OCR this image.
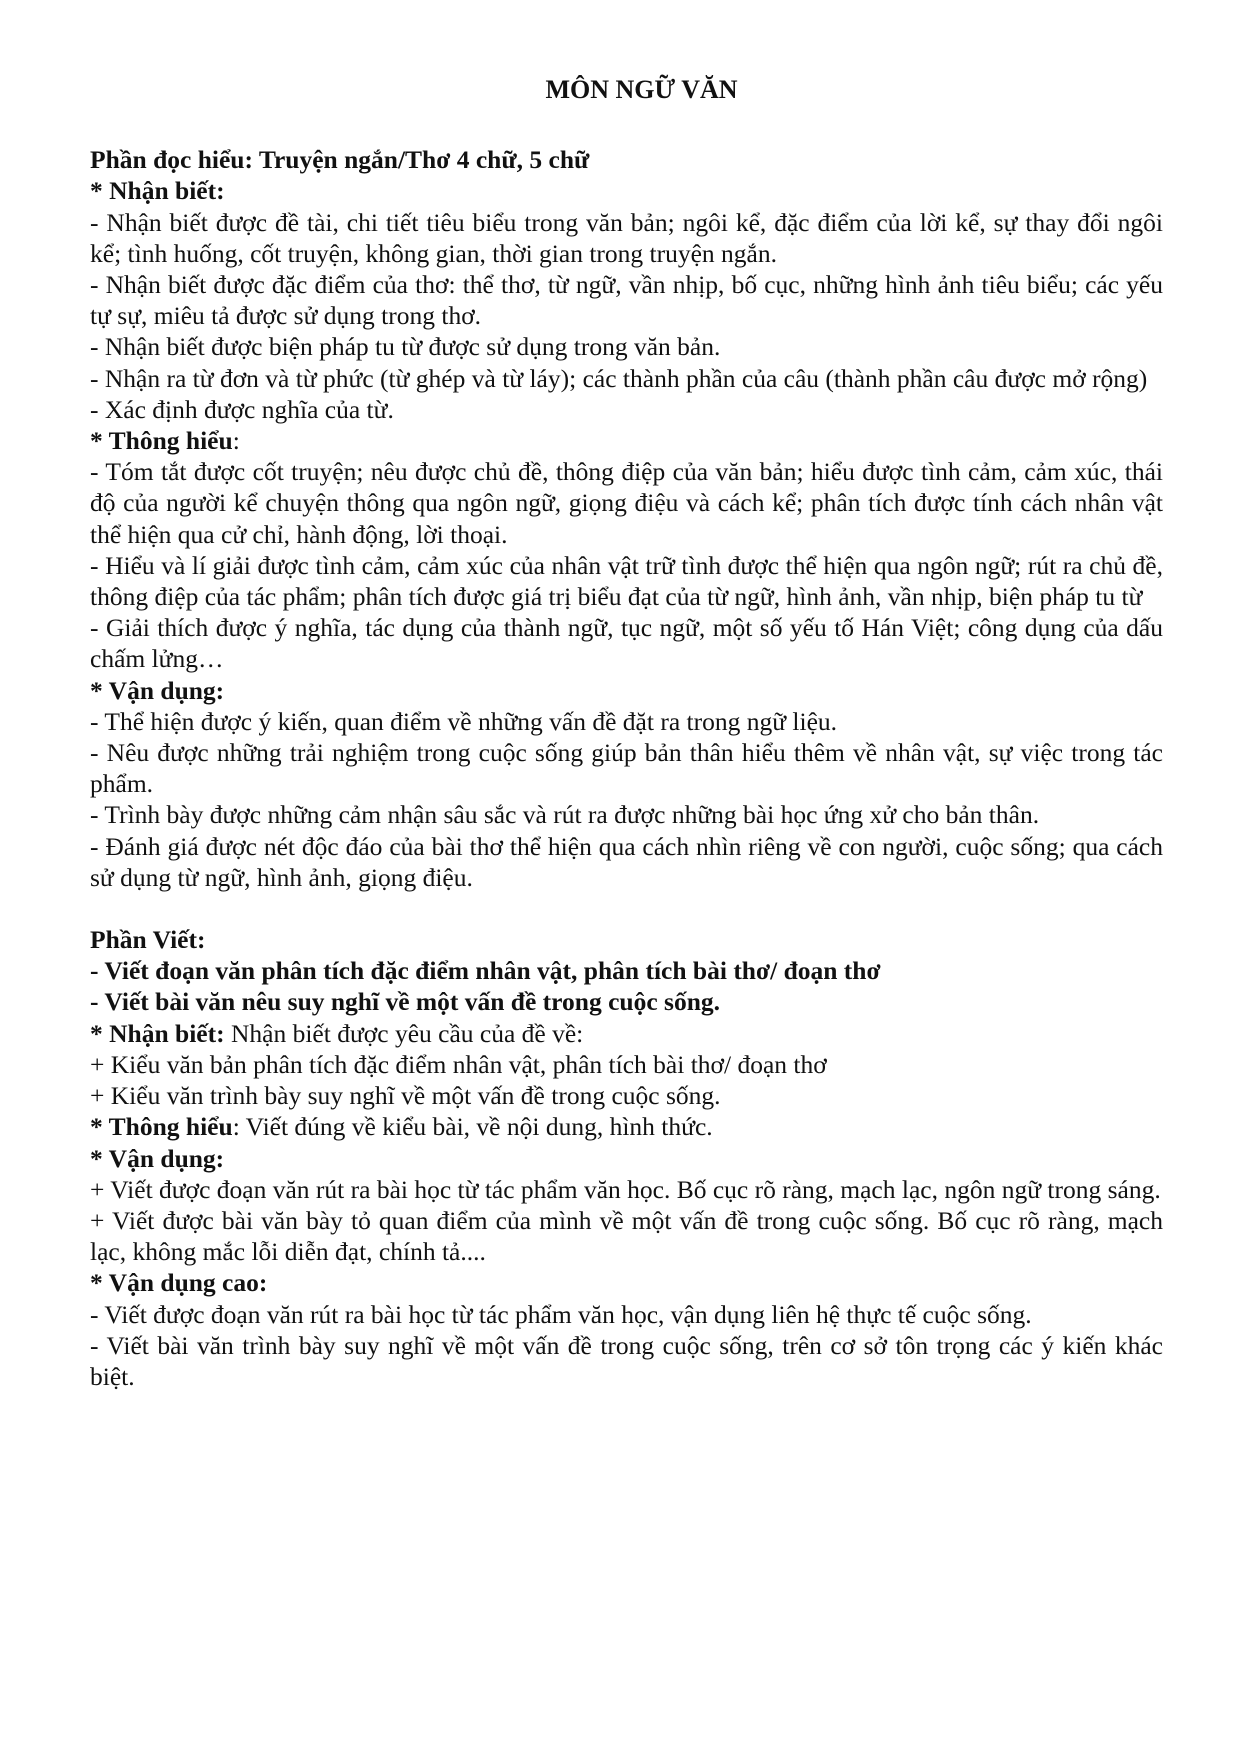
MÔN NGỮ VĂN

Phần đọc hiểu: Truyện ngắn/Thơ 4 chữ, 5 chữ

* Nhận biết:

- Nhận biết được đề tài, chi tiết tiêu biểu trong văn bản; ngôi kể, đặc điểm của lời kể, sự thay đổi ngôi kể; tình huống, cốt truyện, không gian, thời gian trong truyện ngắn.

- Nhận biết được đặc điểm của thơ: thể thơ, từ ngữ, vần nhịp, bố cục, những hình ảnh tiêu biểu; các yếu tự sự, miêu tả được sử dụng trong thơ.

- Nhận biết được biện pháp tu từ được sử dụng trong văn bản.

- Nhận ra từ đơn và từ phức (từ ghép và từ láy); các thành phần của câu (thành phần câu được mở rộng)

- Xác định được nghĩa của từ.

* Thông hiểu:

- Tóm tắt được cốt truyện; nêu được chủ đề, thông điệp của văn bản; hiểu được tình cảm, cảm xúc, thái độ của người kể chuyện thông qua ngôn ngữ, giọng điệu và cách kể; phân tích được tính cách nhân vật thể hiện qua cử chỉ, hành động, lời thoại.

- Hiểu và lí giải được tình cảm, cảm xúc của nhân vật trữ tình được thể hiện qua ngôn ngữ; rút ra chủ đề, thông điệp của tác phẩm; phân tích được giá trị biểu đạt của từ ngữ, hình ảnh, vần nhịp, biện pháp tu từ

- Giải thích được ý nghĩa, tác dụng của thành ngữ, tục ngữ, một số yếu tố Hán Việt; công dụng của dấu chấm lửng…

* Vận dụng:

- Thể hiện được ý kiến, quan điểm về những vấn đề đặt ra trong ngữ liệu.

- Nêu được những trải nghiệm trong cuộc sống giúp bản thân hiểu thêm về nhân vật, sự việc trong tác phẩm.

- Trình bày được những cảm nhận sâu sắc và rút ra được những bài học ứng xử cho bản thân.

- Đánh giá được nét độc đáo của bài thơ thể hiện qua cách nhìn riêng về con người, cuộc sống; qua cách sử dụng từ ngữ, hình ảnh, giọng điệu.

Phần Viết:

- Viết đoạn văn phân tích đặc điểm nhân vật, phân tích bài thơ/ đoạn thơ

- Viết bài văn nêu suy nghĩ về một vấn đề trong cuộc sống.

* Nhận biết: Nhận biết được yêu cầu của đề về:

+ Kiểu văn bản phân tích đặc điểm nhân vật, phân tích bài thơ/ đoạn thơ

+ Kiểu văn trình bày suy nghĩ về một vấn đề trong cuộc sống.

* Thông hiểu: Viết đúng về kiểu bài, về nội dung, hình thức.

* Vận dụng:

+ Viết được đoạn văn rút ra bài học từ tác phẩm văn học. Bố cục rõ ràng, mạch lạc, ngôn ngữ trong sáng.

+ Viết được bài văn bày tỏ quan điểm của mình về một vấn đề trong cuộc sống. Bố cục rõ ràng, mạch lạc, không mắc lỗi diễn đạt, chính tả....

* Vận dụng cao:

- Viết được đoạn văn rút ra bài học từ tác phẩm văn học, vận dụng liên hệ thực tế cuộc sống.

- Viết bài văn trình bày suy nghĩ về một vấn đề trong cuộc sống, trên cơ sở tôn trọng các ý kiến khác biệt.
